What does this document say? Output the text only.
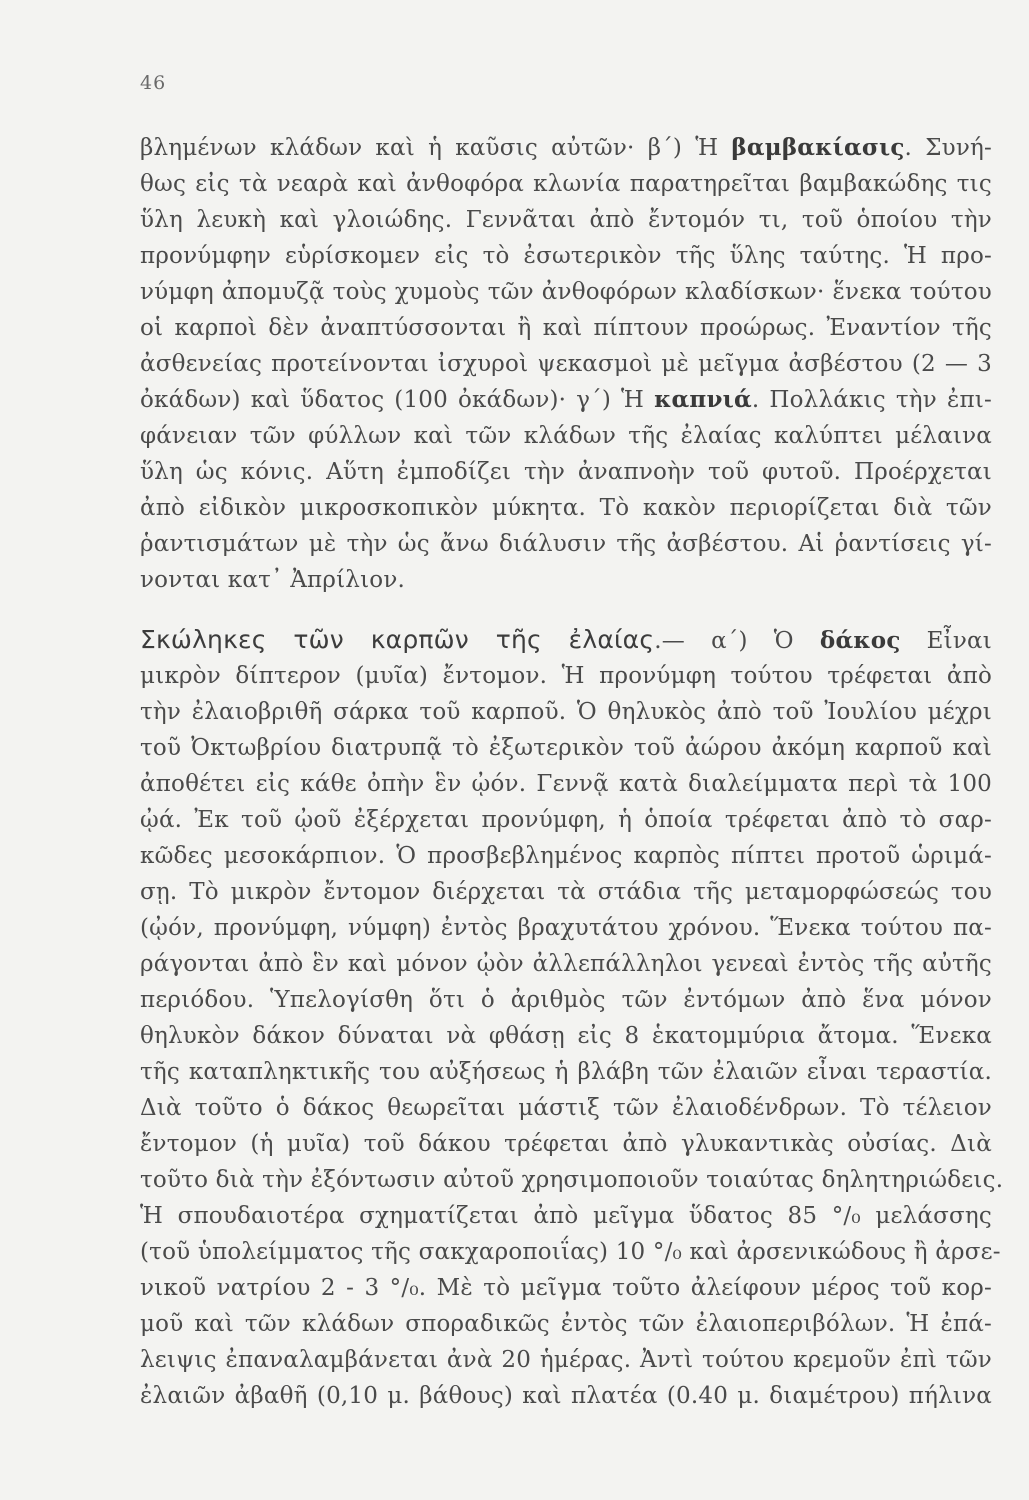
46
βλημένων κλάδων καὶ ἡ καῦσις αὐτῶν· β΄) Ἡ βαμβακίασις. Συνή-
θως εἰς τὰ νεαρὰ καὶ ἀνθοφόρα κλωνία παρατηρεῖται βαμβακώδης τις
ὕλη λευκὴ καὶ γλοιώδης. Γεννᾶται ἀπὸ ἔντομόν τι, τοῦ ὁποίου τὴν
προνύμφην εὑρίσκομεν εἰς τὸ ἐσωτερικὸν τῆς ὕλης ταύτης. Ἡ προ-
νύμφη ἀπομυζᾷ τοὺς χυμοὺς τῶν ἀνθοφόρων κλαδίσκων· ἕνεκα τούτου
οἱ καρποὶ δὲν ἀναπτύσσονται ἢ καὶ πίπτουν προώρως. Ἐναντίον τῆς
ἀσθενείας προτείνονται ἰσχυροὶ ψεκασμοὶ μὲ μεῖγμα ἀσβέστου (2 — 3
ὀκάδων) καὶ ὕδατος (100 ὀκάδων)· γ΄) Ἡ καπνιά. Πολλάκις τὴν ἐπι-
φάνειαν τῶν φύλλων καὶ τῶν κλάδων τῆς ἐλαίας καλύπτει μέλαινα
ὕλη ὡς κόνις. Αὕτη ἐμποδίζει τὴν ἀναπνοὴν τοῦ φυτοῦ. Προέρχεται
ἀπὸ εἰδικὸν μικροσκοπικὸν μύκητα. Τὸ κακὸν περιορίζεται διὰ τῶν
ῥαντισμάτων μὲ τὴν ὡς ἄνω διάλυσιν τῆς ἀσβέστου. Αἱ ῥαντίσεις γί-
νονται κατ᾽ Ἀπρίλιον.
Σκώληκες τῶν καρπῶν τῆς ἐλαίας.— α΄) Ὁ δάκος Εἶναι
μικρὸν δίπτερον (μυῖα) ἔντομον. Ἡ προνύμφη τούτου τρέφεται ἀπὸ
τὴν ἐλαιοβριθῆ σάρκα τοῦ καρποῦ. Ὁ θηλυκὸς ἀπὸ τοῦ Ἰουλίου μέχρι
τοῦ Ὀκτωβρίου διατρυπᾷ τὸ ἐξωτερικὸν τοῦ ἀώρου ἀκόμη καρποῦ καὶ
ἀποθέτει εἰς κάθε ὀπὴν ἓν ᾠόν. Γεννᾷ κατὰ διαλείμματα περὶ τὰ 100
ᾠά. Ἐκ τοῦ ᾠοῦ ἐξέρχεται προνύμφη, ἡ ὁποία τρέφεται ἀπὸ τὸ σαρ-
κῶδες μεσοκάρπιον. Ὁ προσβεβλημένος καρπὸς πίπτει προτοῦ ὡριμά-
σῃ. Τὸ μικρὸν ἔντομον διέρχεται τὰ στάδια τῆς μεταμορφώσεώς του
(ᾠόν, προνύμφη, νύμφη) ἐντὸς βραχυτάτου χρόνου. Ἕνεκα τούτου πα-
ράγονται ἀπὸ ἓν καὶ μόνον ᾠὸν ἀλλεπάλληλοι γενεαὶ ἐντὸς τῆς αὐτῆς
περιόδου. Ὑπελογίσθη ὅτι ὁ ἀριθμὸς τῶν ἐντόμων ἀπὸ ἕνα μόνον
θηλυκὸν δάκον δύναται νὰ φθάσῃ εἰς 8 ἑκατομμύρια ἄτομα. Ἕνεκα
τῆς καταπληκτικῆς του αὐξήσεως ἡ βλάβη τῶν ἐλαιῶν εἶναι τεραστία.
Διὰ τοῦτο ὁ δάκος θεωρεῖται μάστιξ τῶν ἐλαιοδένδρων. Τὸ τέλειον
ἔντομον (ἡ μυῖα) τοῦ δάκου τρέφεται ἀπὸ γλυκαντικὰς οὐσίας. Διὰ
τοῦτο διὰ τὴν ἐξόντωσιν αὐτοῦ χρησιμοποιοῦν τοιαύτας δηλητηριώδεις.
Ἡ σπουδαιοτέρα σχηματίζεται ἀπὸ μεῖγμα ὕδατος 85 °/₀ μελάσσης
(τοῦ ὑπολείμματος τῆς σακχαροποιΐας) 10 °/₀ καὶ ἀρσενικώδους ἢ ἀρσε-
νικοῦ νατρίου 2 - 3 °/₀. Μὲ τὸ μεῖγμα τοῦτο ἀλείφουν μέρος τοῦ κορ-
μοῦ καὶ τῶν κλάδων σποραδικῶς ἐντὸς τῶν ἐλαιοπεριβόλων. Ἡ ἐπά-
λειψις ἐπαναλαμβάνεται ἀνὰ 20 ἡμέρας. Ἀντὶ τούτου κρεμοῦν ἐπὶ τῶν
ἐλαιῶν ἀβαθῆ (0,10 μ. βάθους) καὶ πλατέα (0.40 μ. διαμέτρου) πήλινα
